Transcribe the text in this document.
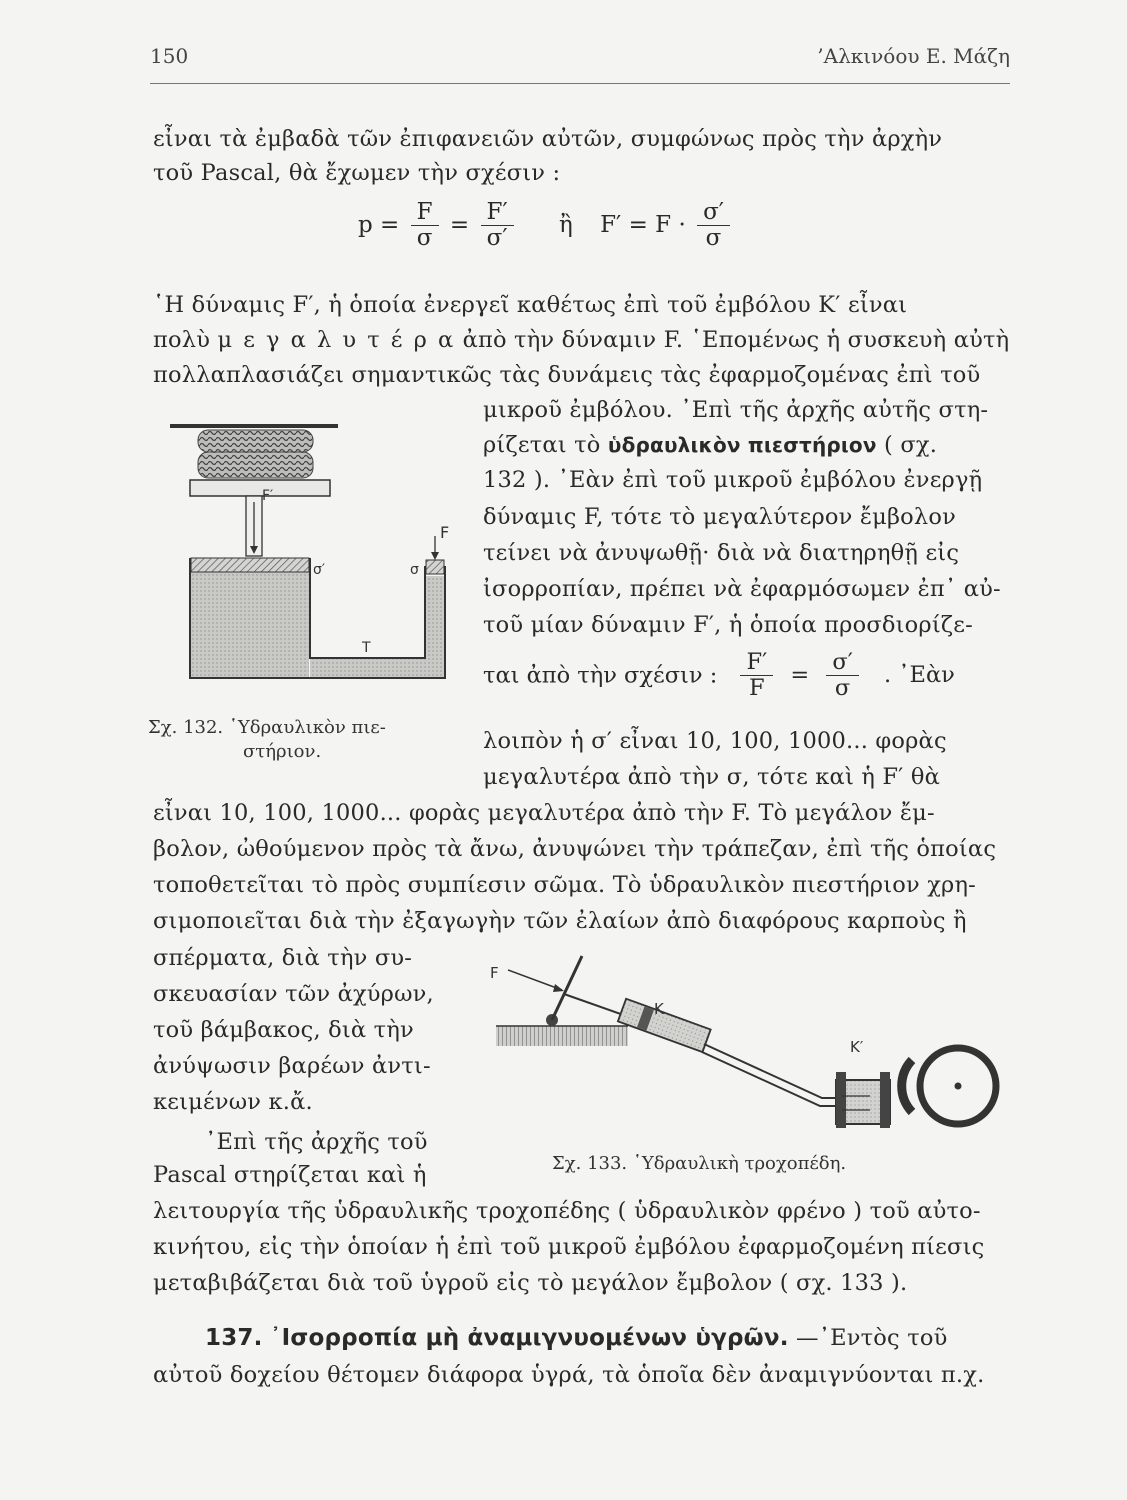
150	’Αλκινόου Ε. Μάζη
εἶναι τὰ ἐμβαδὰ τῶν ἐπιφανειῶν αὐτῶν, συμφώνως πρὸς τὴν ἀρχὴν
τοῦ Pascal, θὰ ἔχωμεν τὴν σχέσιν :
$p = \frac{F}{\sigma} = \frac{F'}{\sigma'}$ ἢ $F' = F \cdot \frac{\sigma'}{\sigma}$
῾Η δύναμις F′, ἡ ὁποία ἐνεργεῖ καθέτως ἐπὶ τοῦ ἐμβόλου K′ εἶναι
πολὺ μ ε γ α λ υ τ έ ρ α ἀπὸ τὴν δύναμιν F. ῾Επομένως ἡ συσκευὴ αὐτὴ
πολλαπλασιάζει σημαντικῶς τὰς δυνάμεις τὰς ἐφαρμοζομένας ἐπὶ τοῦ
μικροῦ ἐμβόλου. ᾿Επὶ τῆς ἀρχῆς αὐτῆς στη-
ρίζεται τὸ ὑδραυλικὸν πιεστήριον ( σχ.
132 ). ᾿Εὰν ἐπὶ τοῦ μικροῦ ἐμβόλου ἐνεργῇ
δύναμις F, τότε τὸ μεγαλύτερον ἔμβολον
τείνει νὰ ἀνυψωθῇ· διὰ νὰ διατηρηθῇ εἰς
ἰσορροπίαν, πρέπει νὰ ἐφαρμόσωμεν ἐπ᾿ αὐ-
τοῦ μίαν δύναμιν F′, ἡ ὁποία προσδιορίζε-
ται ἀπὸ τὴν σχέσιν : $\frac{F'}{F} = \frac{\sigma'}{\sigma}$ . ᾿Εὰν
λοιπὸν ἡ σ′ εἶναι 10, 100, 1000... φορὰς
μεγαλυτέρα ἀπὸ τὴν σ, τότε καὶ ἡ F′ θὰ
F′
F
σ′	σ
T
Σχ. 132. ῾Υδραυλικὸν πιε-
στήριον.
εἶναι 10, 100, 1000... φορὰς μεγαλυτέρα ἀπὸ τὴν F. Τὸ μεγάλον ἔμ-
βολον, ὠθούμενον πρὸς τὰ ἄνω, ἀνυψώνει τὴν τράπεζαν, ἐπὶ τῆς ὁποίας
τοποθετεῖται τὸ πρὸς συμπίεσιν σῶμα. Τὸ ὑδραυλικὸν πιεστήριον χρη-
σιμοποιεῖται διὰ τὴν ἐξαγωγὴν τῶν ἐλαίων ἀπὸ διαφόρους καρποὺς ἢ
σπέρματα, διὰ τὴν συ-
σκευασίαν τῶν ἀχύρων,
τοῦ βάμβακος, διὰ τὴν
ἀνύψωσιν βαρέων ἀντι-
κειμένων κ.ἄ.
᾿Επὶ τῆς ἀρχῆς τοῦ
Pascal στηρίζεται καὶ ἡ
F
K
K′
Σχ. 133. ῾Υδραυλικὴ τροχοπέδη.
λειτουργία τῆς ὑδραυλικῆς τροχοπέδης ( ὑδραυλικὸν φρένο ) τοῦ αὐτο-
κινήτου, εἰς τὴν ὁποίαν ἡ ἐπὶ τοῦ μικροῦ ἐμβόλου ἐφαρμοζομένη πίεσις
μεταβιβάζεται διὰ τοῦ ὑγροῦ εἰς τὸ μεγάλον ἔμβολον ( σχ. 133 ).
137. ᾿Ισορροπία μὴ ἀναμιγνυομένων ὑγρῶν. —᾿Εντὸς τοῦ
αὐτοῦ δοχείου θέτομεν διάφορα ὑγρά, τὰ ὁποῖα δὲν ἀναμιγνύονται π.χ.
